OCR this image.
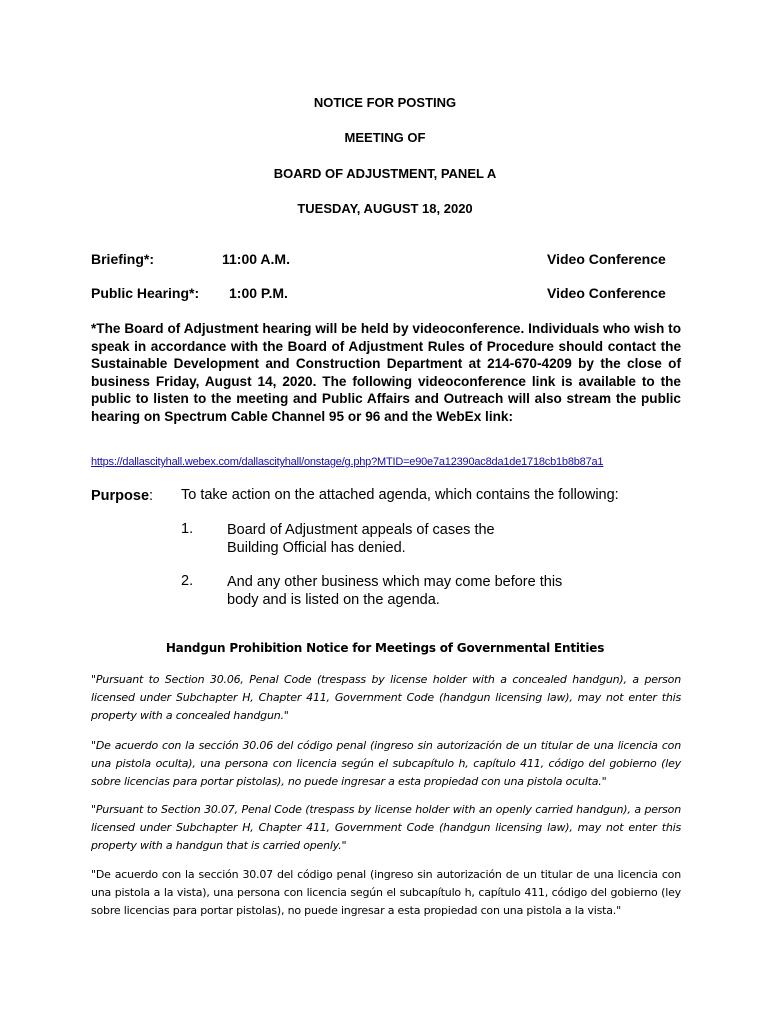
NOTICE FOR POSTING
MEETING OF
BOARD OF ADJUSTMENT, PANEL A
TUESDAY, AUGUST 18, 2020
Briefing*:	11:00 A.M.	Video Conference
Public Hearing*: 1:00 P.M.	Video Conference
*The Board of Adjustment hearing will be held by videoconference. Individuals who wish to speak in accordance with the Board of Adjustment Rules of Procedure should contact the Sustainable Development and Construction Department at 214-670-4209 by the close of business Friday, August 14, 2020. The following videoconference link is available to the public to listen to the meeting and Public Affairs and Outreach will also stream the public hearing on Spectrum Cable Channel 95 or 96 and the WebEx link:
https://dallascityhall.webex.com/dallascityhall/onstage/g.php?MTID=e90e7a12390ac8da1de1718cb1b8b87a1
Purpose: To take action on the attached agenda, which contains the following:
1. Board of Adjustment appeals of cases the Building Official has denied.
2. And any other business which may come before this body and is listed on the agenda.
Handgun Prohibition Notice for Meetings of Governmental Entities
"Pursuant to Section 30.06, Penal Code (trespass by license holder with a concealed handgun), a person licensed under Subchapter H, Chapter 411, Government Code (handgun licensing law), may not enter this property with a concealed handgun."
"De acuerdo con la sección 30.06 del código penal (ingreso sin autorización de un titular de una licencia con una pistola oculta), una persona con licencia según el subcapítulo h, capítulo 411, código del gobierno (ley sobre licencias para portar pistolas), no puede ingresar a esta propiedad con una pistola oculta."
"Pursuant to Section 30.07, Penal Code (trespass by license holder with an openly carried handgun), a person licensed under Subchapter H, Chapter 411, Government Code (handgun licensing law), may not enter this property with a handgun that is carried openly."
"De acuerdo con la sección 30.07 del código penal (ingreso sin autorización de un titular de una licencia con una pistola a la vista), una persona con licencia según el subcapítulo h, capítulo 411, código del gobierno (ley sobre licencias para portar pistolas), no puede ingresar a esta propiedad con una pistola a la vista."
